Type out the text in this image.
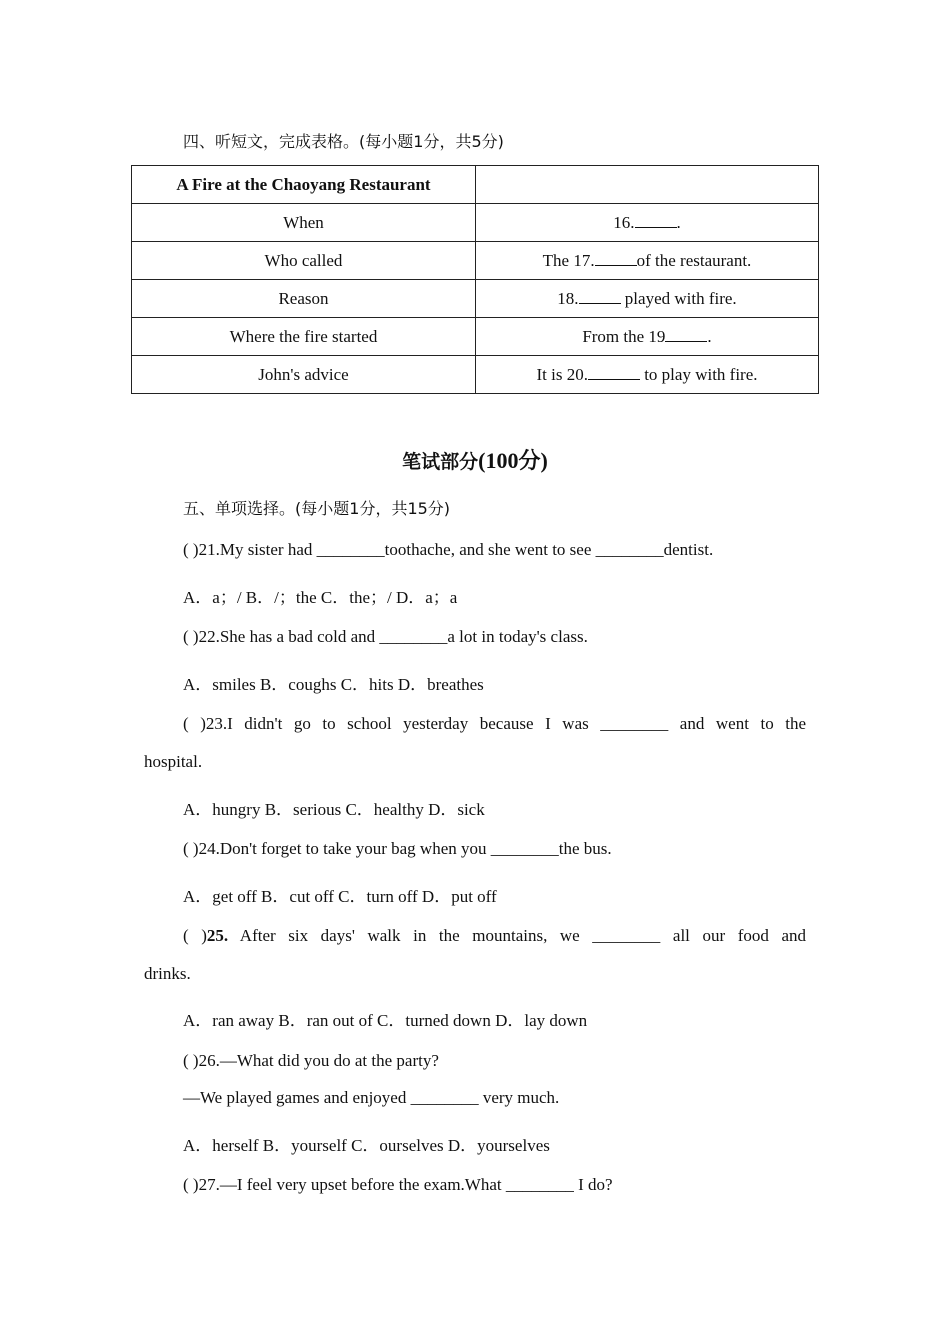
四、听短文，完成表格。(每小题1分，共5分)
A Fire at the Chaoyang Restaurant	
When	16. .
Who called	The 17. of the restaurant.
Reason	18. played with fire.
Where the fire started	From the 19 .
John's advice	It is 20. to play with fire.
笔试部分(100分)
五、单项选择。(每小题1分，共15分)
( )21.My sister had ________toothache, and she went to see ________dentist.
A．a；/ B．/；the C．the；/ D．a；a
( )22.She has a bad cold and ________a lot in today's class.
A．smiles B．coughs C．hits D．breathes
( )23.I didn't go to school yesterday because I was ________ and went to the
hospital.
A．hungry B．serious C．healthy D．sick
( )24.Don't forget to take your bag when you ________the bus.
A．get off B．cut off C．turn off D．put off
( )25. After six days' walk in the mountains, we ________ all our food and
drinks.
A．ran away B．ran out of C．turned down D．lay down
( )26.—What did you do at the party?
—We played games and enjoyed ________ very much.
A．herself B．yourself C．ourselves D．yourselves
( )27.—I feel very upset before the exam.What ________ I do?
